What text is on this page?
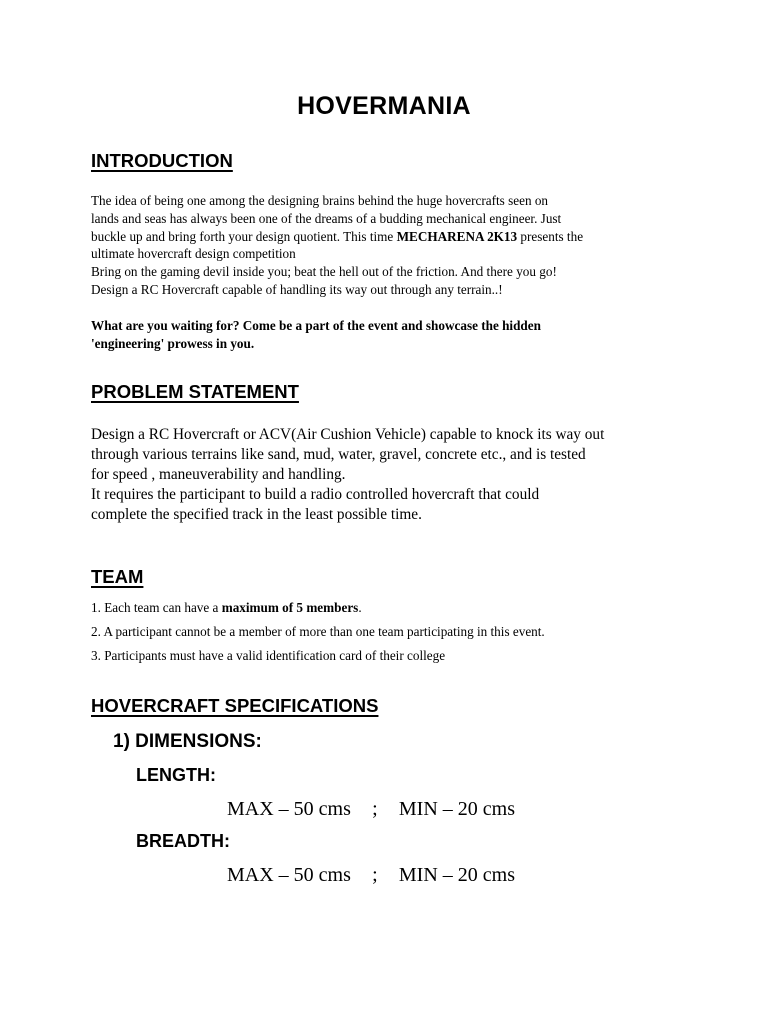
HOVERMANIA
INTRODUCTION

The idea of being one among the designing brains behind the huge hovercrafts seen on

lands and seas has always been one of the dreams of a budding mechanical engineer. Just

buckle up and bring forth your design quotient. This time MECHARENA 2K13 presents the

ultimate hovercraft design competition

Bring on the gaming devil inside you; beat the hell out of the friction. And there you go!

Design a RC Hovercraft capable of handling its way out through any terrain..!

What are you waiting for? Come be a part of the event and showcase the hidden

'engineering' prowess in you.

PROBLEM STATEMENT

Design a RC Hovercraft or ACV(Air Cushion Vehicle) capable to knock its way out

through various terrains like sand, mud, water, gravel, concrete etc., and is tested

for speed , maneuverability and handling.

It requires the participant to build a radio controlled hovercraft that could

complete the specified track in the least possible time.

TEAM
1. Each team can have a maximum of 5 members.
2. A participant cannot be a member of more than one team participating in this event.
3. Participants must have a valid identification card of their college
HOVERCRAFT SPECIFICATIONS
1) DIMENSIONS:
LENGTH:
MAX – 50 cms ; MIN – 20 cms
BREADTH:
MAX – 50 cms ; MIN – 20 cms
